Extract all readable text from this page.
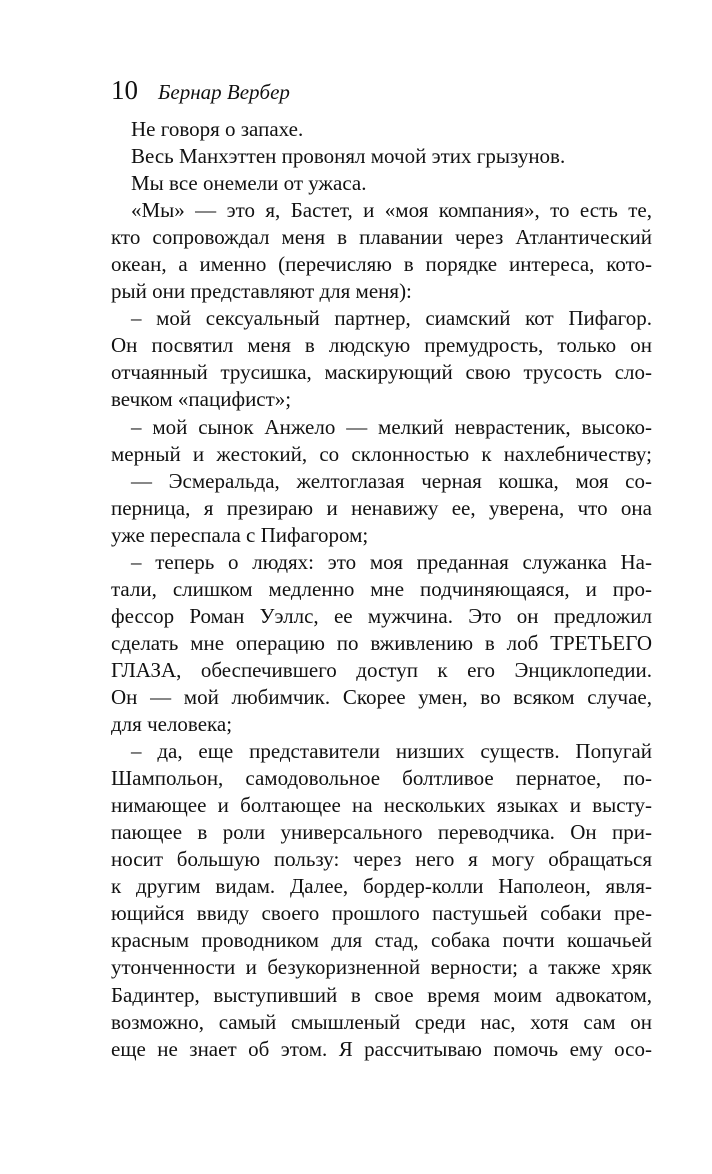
10 Бернар Вербер
Не говоря о запахе.
Весь Манхэттен провонял мочой этих грызунов.
Мы все онемели от ужаса.
«Мы» — это я, Бастет, и «моя компания», то есть те,
кто сопровождал меня в плавании через Атлантический
океан, а именно (перечисляю в порядке интереса, кото-
рый они представляют для меня):
– мой сексуальный партнер, сиамский кот Пифагор.
Он посвятил меня в людскую премудрость, только он
отчаянный трусишка, маскирующий свою трусость сло-
вечком «пацифист»;
– мой сынок Анжело — мелкий неврастеник, высоко-
мерный и жестокий, со склонностью к нахлебничеству;
— Эсмеральда, желтоглазая черная кошка, моя со-
перница, я презираю и ненавижу ее, уверена, что она
уже переспала с Пифагором;
– теперь о людях: это моя преданная служанка На-
тали, слишком медленно мне подчиняющаяся, и про-
фессор Роман Уэллс, ее мужчина. Это он предложил
сделать мне операцию по вживлению в лоб ТРЕТЬЕГО
ГЛАЗА, обеспечившего доступ к его Энциклопедии.
Он — мой любимчик. Скорее умен, во всяком случае,
для человека;
– да, еще представители низших существ. Попугай
Шампольон, самодовольное болтливое пернатое, по-
нимающее и болтающее на нескольких языках и высту-
пающее в роли универсального переводчика. Он при-
носит большую пользу: через него я могу обращаться
к другим видам. Далее, бордер-колли Наполеон, явля-
ющийся ввиду своего прошлого пастушьей собаки пре-
красным проводником для стад, собака почти кошачьей
утонченности и безукоризненной верности; а также хряк
Бадинтер, выступивший в свое время моим адвокатом,
возможно, самый смышленый среди нас, хотя сам он
еще не знает об этом. Я рассчитываю помочь ему осо-
